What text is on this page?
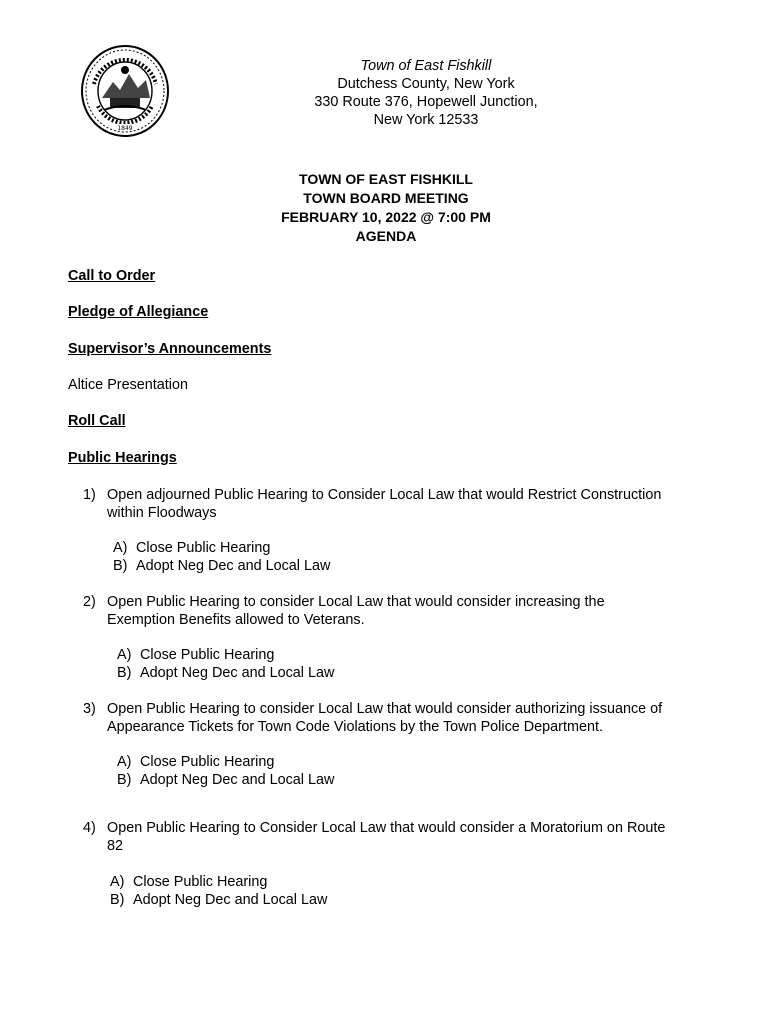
1849
Town of East Fishkill
Dutchess County, New York
330 Route 376, Hopewell Junction,
New York 12533
TOWN OF EAST FISHKILL
TOWN BOARD MEETING
FEBRUARY 10, 2022 @ 7:00 PM
AGENDA
Call to Order
Pledge of Allegiance
Supervisor’s Announcements
Altice Presentation
Roll Call
Public Hearings
1) Open adjourned Public Hearing to Consider Local Law that would Restrict Construction
within Floodways
A) Close Public Hearing
B) Adopt Neg Dec and Local Law
2) Open Public Hearing to consider Local Law that would consider increasing the
Exemption Benefits allowed to Veterans.
A) Close Public Hearing
B) Adopt Neg Dec and Local Law
3) Open Public Hearing to consider Local Law that would consider authorizing issuance of
Appearance Tickets for Town Code Violations by the Town Police Department.
A) Close Public Hearing
B) Adopt Neg Dec and Local Law
4) Open Public Hearing to Consider Local Law that would consider a Moratorium on Route
82
A) Close Public Hearing
B) Adopt Neg Dec and Local Law
